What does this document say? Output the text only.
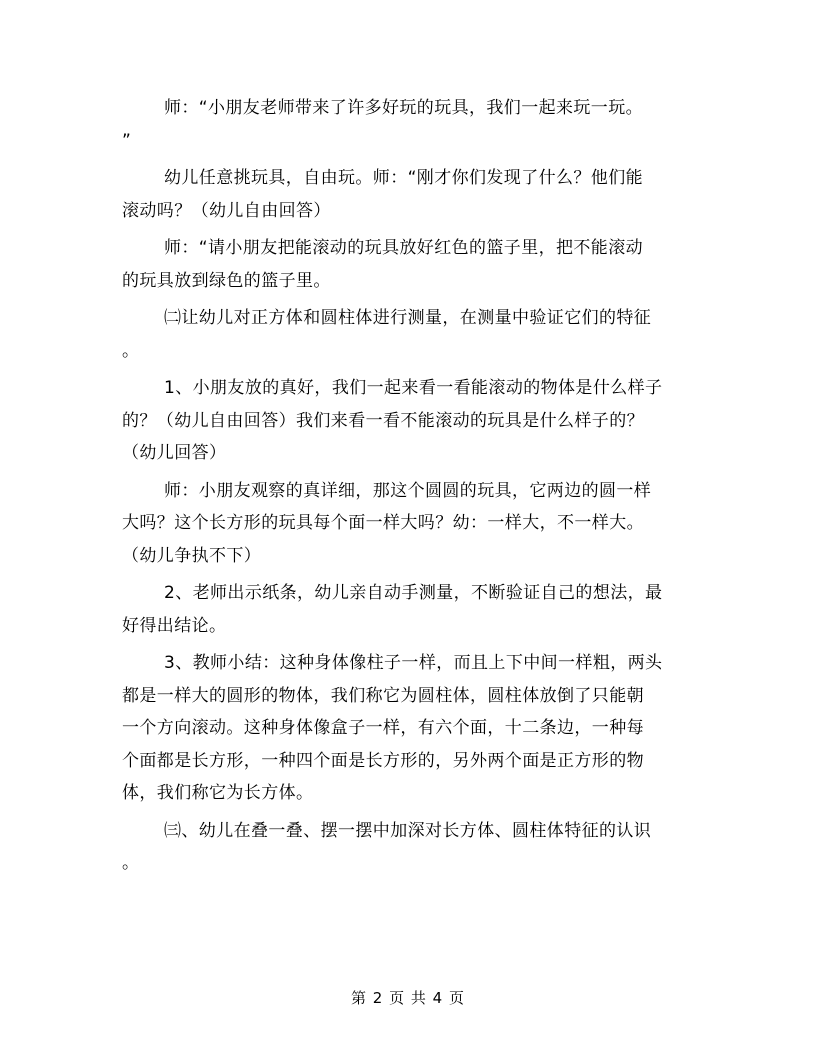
师：“小朋友老师带来了许多好玩的玩具，我们一起来玩一玩。
”
幼儿任意挑玩具，自由玩。师：“刚才你们发现了什么？他们能
滚动吗？（幼儿自由回答）
师：“请小朋友把能滚动的玩具放好红色的篮子里，把不能滚动
的玩具放到绿色的篮子里。
㈡让幼儿对正方体和圆柱体进行测量，在测量中验证它们的特征
。
1、小朋友放的真好，我们一起来看一看能滚动的物体是什么样子
的？（幼儿自由回答）我们来看一看不能滚动的玩具是什么样子的？
（幼儿回答）
师：小朋友观察的真详细，那这个圆圆的玩具，它两边的圆一样
大吗？这个长方形的玩具每个面一样大吗？幼：一样大，不一样大。
（幼儿争执不下）
2、老师出示纸条，幼儿亲自动手测量，不断验证自己的想法，最
好得出结论。
3、教师小结：这种身体像柱子一样，而且上下中间一样粗，两头
都是一样大的圆形的物体，我们称它为圆柱体，圆柱体放倒了只能朝
一个方向滚动。这种身体像盒子一样，有六个面，十二条边，一种每
个面都是长方形，一种四个面是长方形的，另外两个面是正方形的物
体，我们称它为长方体。
㈢、幼儿在叠一叠、摆一摆中加深对长方体、圆柱体特征的认识
。
第 2 页 共 4 页
